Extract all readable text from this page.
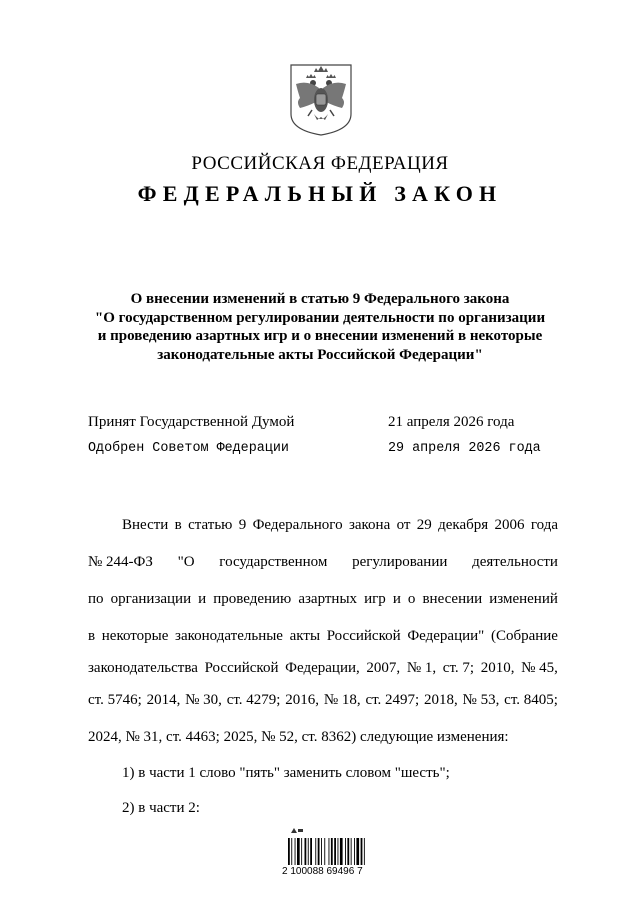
РОССИЙСКАЯ ФЕДЕРАЦИЯ
ФЕДЕРАЛЬНЫЙ ЗАКОН
О внесении изменений в статью 9 Федерального закона
"О государственном регулировании деятельности по организации
и проведению азартных игр и о внесении изменений в некоторые
законодательные акты Российской Федерации"
Принят Государственной Думой	21 апреля 2026 года
Одобрен Советом Федерации	29 апреля 2026 года
Внести в статью 9 Федерального закона от 29 декабря 2006 года
№ 244-ФЗ "О государственном регулировании деятельности
по организации и проведению азартных игр и о внесении изменений
в некоторые законодательные акты Российской Федерации" (Собрание
законодательства Российской Федерации, 2007, № 1, ст. 7; 2010, № 45,
ст. 5746; 2014, № 30, ст. 4279; 2016, № 18, ст. 2497; 2018, № 53, ст. 8405;
2024, № 31, ст. 4463; 2025, № 52, ст. 8362) следующие изменения:
1) в части 1 слово "пять" заменить словом "шесть";
2) в части 2:
2 100088 69496 7
